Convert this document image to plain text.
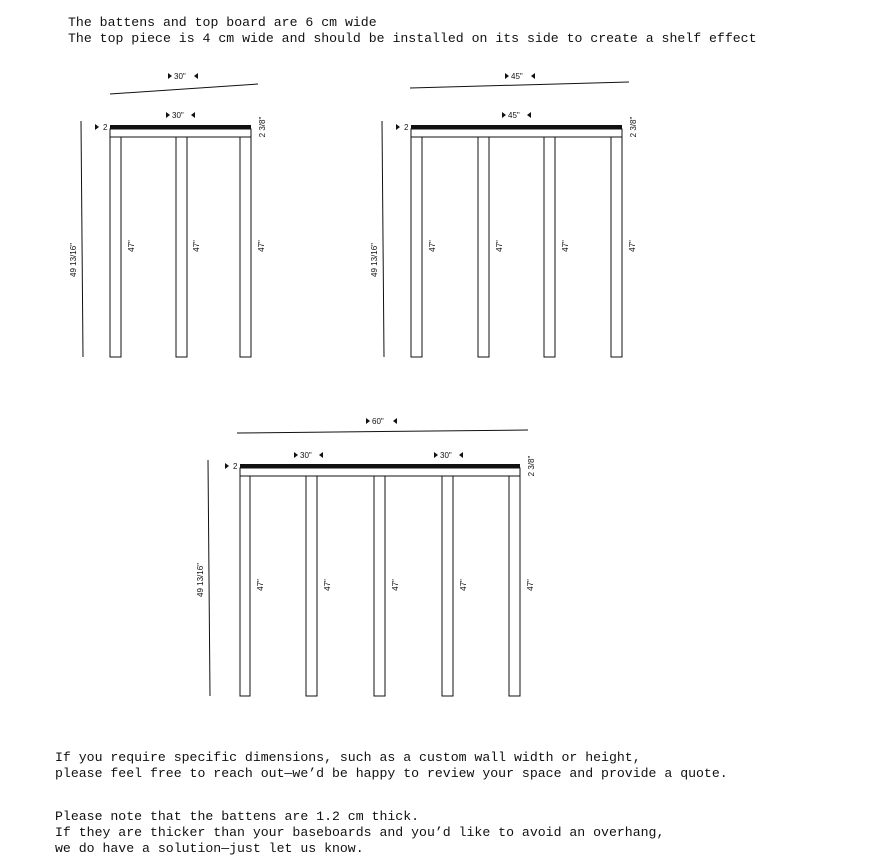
The battens and top board are 6 cm wide
The top piece is 4 cm wide and should be installed on its side to create a shelf effect
30"
30"
2
49 13/16"	47"	47"	47"
2 3/8"
45"
45"
2
49 13/16"	47"	47"	47"	47"
2 3/8"
60"
30"	30"
2
49 13/16"	47"	47"	47"	47"	47"
2 3/8"
If you require specific dimensions, such as a custom wall width or height,
please feel free to reach out—we’d be happy to review your space and provide a quote.
Please note that the battens are 1.2 cm thick.
If they are thicker than your baseboards and you’d like to avoid an overhang,
we do have a solution—just let us know.
